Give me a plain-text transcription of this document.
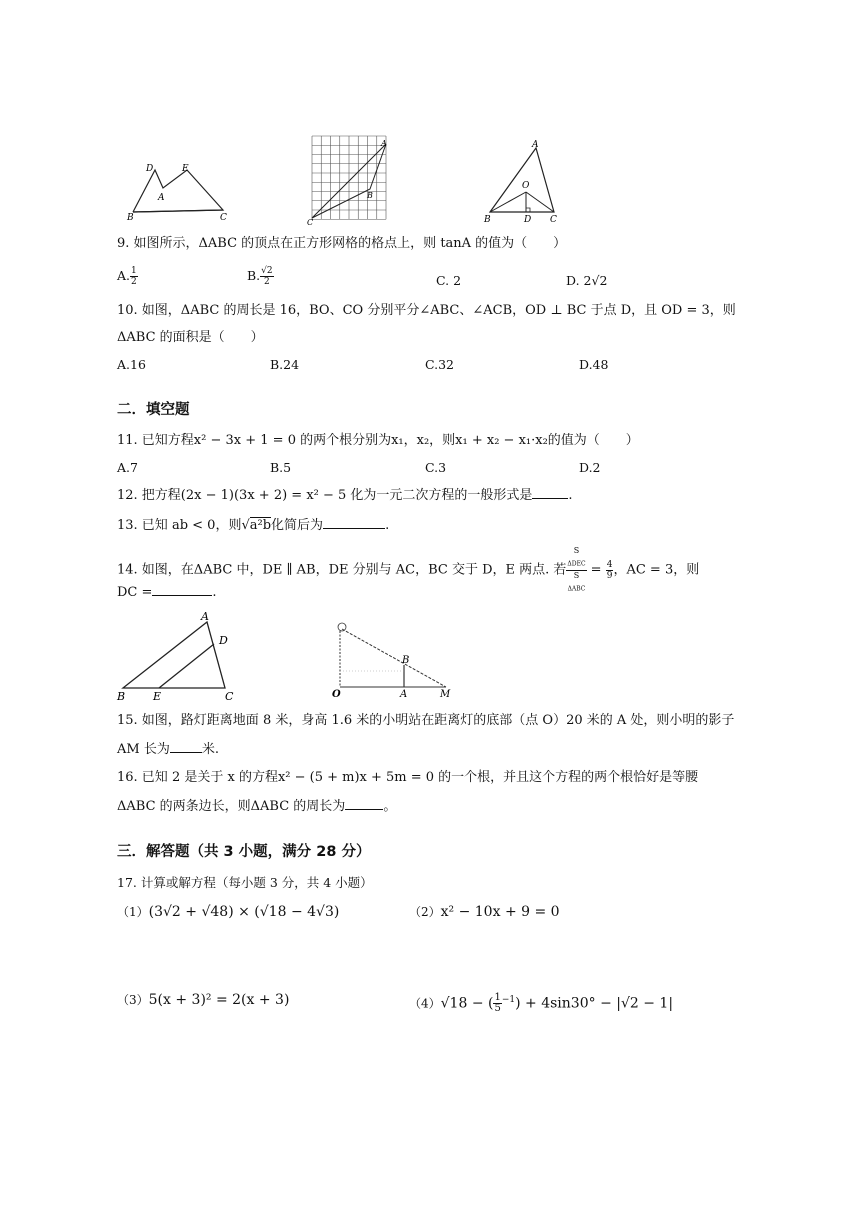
D	E
A
B	C
A
B
C
A
O
B	D C
9. 如图所示，ΔABC 的顶点在正方形网格的格点上，则 tanA 的值为（　　）
A. $\frac{1}{2}$	B. $\frac{√2}{2}$	C. 2	D. 2√2
10. 如图，ΔABC 的周长是 16，BO、CO 分别平分∠ABC、∠ACB，OD ⊥ BC 于点 D，且 OD = 3，则
ΔABC 的面积是（　　）
A.16	B.24	C.32	D.48
二．填空题
11. 已知方程x² − 3x + 1 = 0 的两个根分别为x₁，x₂，则x₁ + x₂ − x₁·x₂的值为（　　）
A.7	B.5	C.3	D.2
12. 把方程(2x − 1)(3x + 2) = x² − 5 化为一元二次方程的一般形式是	.
13. 已知 ab < 0，则√a²b化简后为	.
14. 如图，在ΔABC 中，DE ∥ AB，DE 分别与 AC，BC 交于 D，E 两点. 若 S
$_{\Delta DEC}$
S
$_{\Delta ABC} = \frac{4}{9}$ ，AC = 3，则
DC =	.
A
D
B	E	C	O
B
A	M
15. 如图，路灯距离地面 8 米，身高 1.6 米的小明站在距离灯的底部（点 O）20 米的 A 处，则小明的影子
AM 长为 米.
16. 已知 2 是关于 x 的方程x² − (5 + m)x + 5m = 0 的一个根，并且这个方程的两个根恰好是等腰
ΔABC 的两条边长，则ΔABC 的周长为	。
三．解答题（共 3 小题，满分 28 分）
17. 计算或解方程（每小题 3 分，共 4 小题）
（1）(3√2 + √48) × (√18 − 4√3)	（2）x² − 10x + 9 = 0
（3）5(x + 3)² = 2(x + 3)	（4）√18 − ( $\frac{1}{5} ^{-1}) + 4\sin 30^\circ - |√2 - 1|$
